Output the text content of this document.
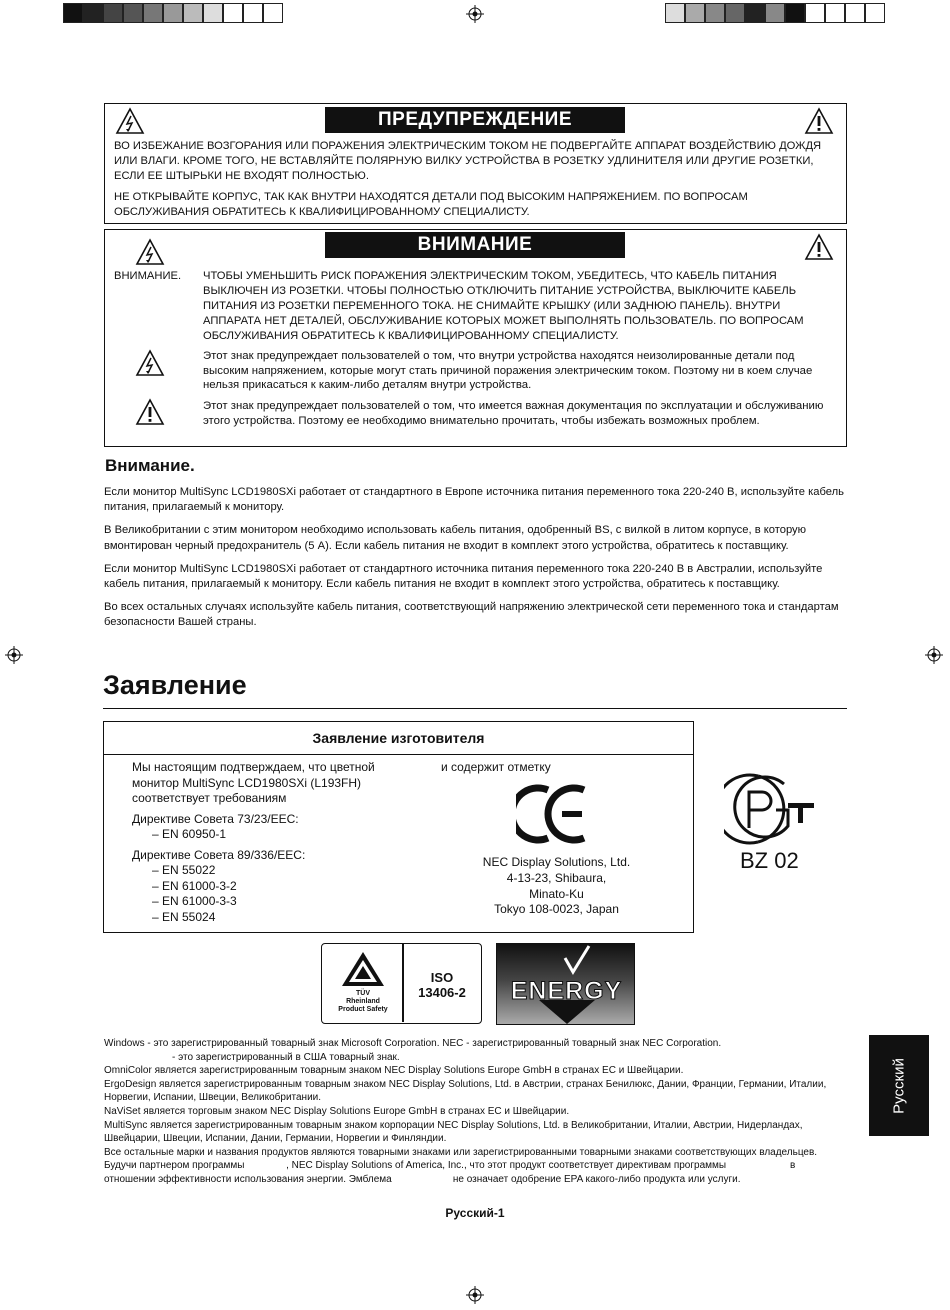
ПРЕДУПРЕЖДЕНИЕ

ВО ИЗБЕЖАНИЕ ВОЗГОРАНИЯ ИЛИ ПОРАЖЕНИЯ ЭЛЕКТРИЧЕСКИМ ТОКОМ НЕ ПОДВЕРГАЙТЕ АППАРАТ ВОЗДЕЙСТВИЮ ДОЖДЯ ИЛИ ВЛАГИ. КРОМЕ ТОГО, НЕ ВСТАВЛЯЙТЕ ПОЛЯРНУЮ ВИЛКУ УСТРОЙСТВА В РОЗЕТКУ УДЛИНИТЕЛЯ ИЛИ ДРУГИЕ РОЗЕТКИ, ЕСЛИ ЕЕ ШТЫРЬКИ НЕ ВХОДЯТ ПОЛНОСТЬЮ.

НЕ ОТКРЫВАЙТЕ КОРПУС, ТАК КАК ВНУТРИ НАХОДЯТСЯ ДЕТАЛИ ПОД ВЫСОКИМ НАПРЯЖЕНИЕМ. ПО ВОПРОСАМ ОБСЛУЖИВАНИЯ ОБРАТИТЕСЬ К КВАЛИФИЦИРОВАННОМУ СПЕЦИАЛИСТУ.

ВНИМАНИЕ
ВНИМАНИЕ. ЧТОБЫ УМЕНЬШИТЬ РИСК ПОРАЖЕНИЯ ЭЛЕКТРИЧЕСКИМ ТОКОМ, УБЕДИТЕСЬ, ЧТО КАБЕЛЬ ПИТАНИЯ ВЫКЛЮЧЕН ИЗ РОЗЕТКИ. ЧТОБЫ ПОЛНОСТЬЮ ОТКЛЮЧИТЬ ПИТАНИЕ УСТРОЙСТВА, ВЫКЛЮЧИТЕ КАБЕЛЬ ПИТАНИЯ ИЗ РОЗЕТКИ ПЕРЕМЕННОГО ТОКА. НЕ СНИМАЙТЕ КРЫШКУ (ИЛИ ЗАДНЮЮ ПАНЕЛЬ). ВНУТРИ АППАРАТА НЕТ ДЕТАЛЕЙ, ОБСЛУЖИВАНИЕ КОТОРЫХ МОЖЕТ ВЫПОЛНЯТЬ ПОЛЬЗОВАТЕЛЬ. ПО ВОПРОСАМ ОБСЛУЖИВАНИЯ ОБРАТИТЕСЬ К КВАЛИФИЦИРОВАННОМУ СПЕЦИАЛИСТУ.
Этот знак предупреждает пользователей о том, что внутри устройства находятся неизолированные детали под высоким напряжением, которые могут стать причиной поражения электрическим током. Поэтому ни в коем случае нельзя прикасаться к каким-либо деталям внутри устройства.
Этот знак предупреждает пользователей о том, что имеется важная документация по эксплуатации и обслуживанию этого устройства. Поэтому ее необходимо внимательно прочитать, чтобы избежать возможных проблем.
Внимание.

Если монитор MultiSync LCD1980SXi работает от стандартного в Европе источника питания переменного тока 220-240 В, используйте кабель питания, прилагаемый к монитору.

В Великобритании с этим монитором необходимо использовать кабель питания, одобренный BS, с вилкой в литом корпусе, в которую вмонтирован черный предохранитель (5 А). Если кабель питания не входит в комплект этого устройства, обратитесь к поставщику.

Если монитор MultiSync LCD1980SXi работает от стандартного источника питания переменного тока 220-240 В в Австралии, используйте кабель питания, прилагаемый к монитору. Если кабель питания не входит в комплект этого устройства, обратитесь к поставщику.

Во всех остальных случаях используйте кабель питания, соответствующий напряжению электрической сети переменного тока и стандартам безопасности Вашей страны.

Заявление
Заявление изготовителя

Мы настоящим подтверждаем, что цветной

монитор MultiSync LCD1980SXi (L193FH)

соответствует требованиям

Директиве Совета 73/23/EEC:

– EN 60950-1

Директиве Совета 89/336/EEC:

– EN 55022

– EN 61000-3-2

– EN 61000-3-3

– EN 55024

и содержит отметку

NEC Display Solutions, Ltd.

4-13-23, Shibaura,

Minato-Ku

Tokyo 108-0023, Japan

BZ 02

TÜV

Rheinland

Product Safety

ISO

13406-2	ENERGY

Windows - это зарегистрированный товарный знак Microsoft Corporation. NEC - зарегистрированный товарный знак NEC Corporation.

- это зарегистрированный в США товарный знак.

OmniColor является зарегистрированным товарным знаком NEC Display Solutions Europe GmbH в странах ЕС и Швейцарии.

ErgoDesign является зарегистрированным товарным знаком NEC Display Solutions, Ltd. в Австрии, странах Бенилюкс, Дании, Франции, Германии, Италии, Норвегии, Испании, Швеции, Великобритании.

NaViSet является торговым знаком NEC Display Solutions Europe GmbH в странах ЕС и Швейцарии.

MultiSync является зарегистрированным товарным знаком корпорации NEC Display Solutions, Ltd. в Великобритании, Италии, Австрии, Нидерландах, Швейцарии, Швеции, Испании, Дании, Германии, Норвегии и Финляндии.

Все остальные марки и названия продуктов являются товарными знаками или зарегистрированными товарными знаками соответствующих владельцев. Будучи партнером программы               , NEC Display Solutions of America, Inc., что этот продукт соответствует директивам программы                       в отношении эффективности использования энергии. Эмблема                      не означает одобрение EPA какого-либо продукта или услуги.

Русский-1
Русский
